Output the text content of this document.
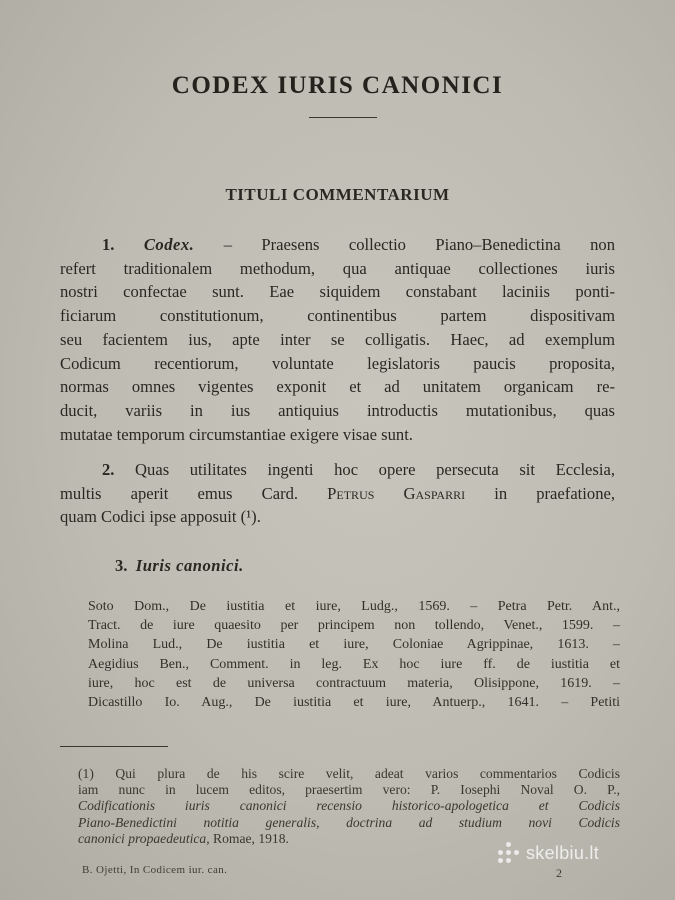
CODEX IURIS CANONICI
TITULI COMMENTARIUM
1. Codex. – Praesens collectio Piano–Benedictina non
refert traditionalem methodum, qua antiquae collectiones iuris
nostri confectae sunt. Eae siquidem constabant laciniis ponti-
ficiarum constitutionum, continentibus partem dispositivam
seu facientem ius, apte inter se colligatis. Haec, ad exemplum
Codicum recentiorum, voluntate legislatoris paucis proposita,
normas omnes vigentes exponit et ad unitatem organicam re-
ducit, variis in ius antiquius introductis mutationibus, quas
mutatae temporum circumstantiae exigere visae sunt.
2. Quas utilitates ingenti hoc opere persecuta sit Ecclesia,
multis aperit emus Card. Petrus Gasparri in praefatione,
quam Codici ipse apposuit (¹).
3. Iuris canonici.
Soto Dom., De iustitia et iure, Ludg., 1569. – Petra Petr. Ant.,
Tract. de iure quaesito per principem non tollendo, Venet., 1599. –
Molina Lud., De iustitia et iure, Coloniae Agrippinae, 1613. –
Aegidius Ben., Comment. in leg. Ex hoc iure ff. de iustitia et
iure, hoc est de universa contractuum materia, Olisippone, 1619. –
Dicastillo Io. Aug., De iustitia et iure, Antuerp., 1641. – Petiti
(1) Qui plura de his scire velit, adeat varios commentarios Codicis
iam nunc in lucem editos, praesertim vero: P. Iosephi Noval O. P.,
Codificationis iuris canonici recensio historico-apologetica et Codicis
Piano-Benedictini notitia generalis, doctrina ad studium novi Codicis
canonici propaedeutica, Romae, 1918.
B. Ojetti, In Codicem iur. can.	2
skelbiu.lt
